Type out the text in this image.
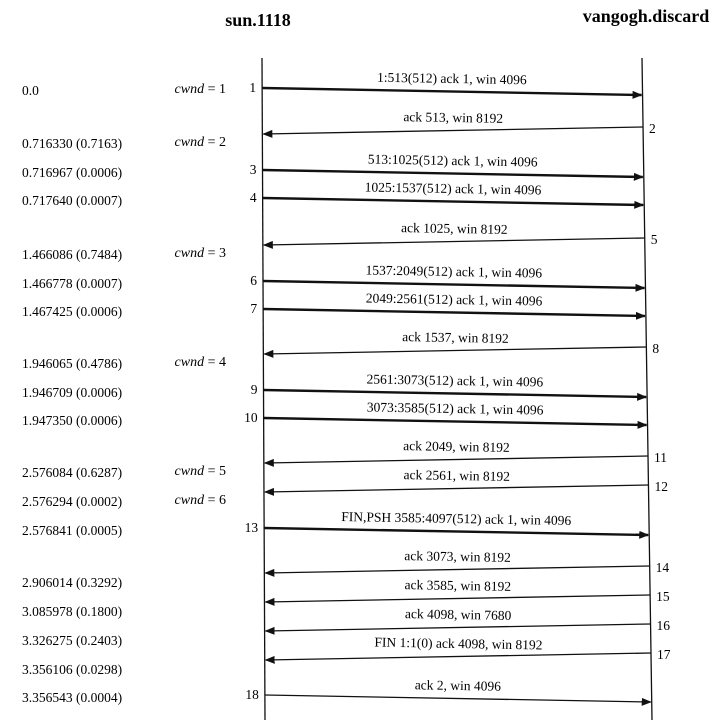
sun.1118	vangogh.discard
1:513(512) ack 1, win 4096
1
0.0	cwnd = 1
ack 513, win 8192
2
0.716330 (0.7163)	cwnd = 2
513:1025(512) ack 1, win 4096
3
0.716967 (0.0006)
1025:1537(512) ack 1, win 4096
4
0.717640 (0.0007)
ack 1025, win 8192
5
1.466086 (0.7484)	cwnd = 3
1537:2049(512) ack 1, win 4096
6
1.466778 (0.0007)
2049:2561(512) ack 1, win 4096
7
1.467425 (0.0006)
ack 1537, win 8192
8
1.946065 (0.4786)	cwnd = 4
2561:3073(512) ack 1, win 4096
9
1.946709 (0.0006)
3073:3585(512) ack 1, win 4096
10
1.947350 (0.0006)
ack 2049, win 8192
11
2.576084 (0.6287)	cwnd = 5	ack 2561, win 8192
12
2.576294 (0.0002)	cwnd = 6
FIN,PSH 3585:4097(512) ack 1, win 4096
13
2.576841 (0.0005)
ack 3073, win 8192
14
2.906014 (0.3292)	ack 3585, win 8192
15
3.085978 (0.1800)	ack 4098, win 7680
16
3.326275 (0.2403)	FIN 1:1(0) ack 4098, win 8192
17
3.356106 (0.0298)
ack 2, win 4096
18
3.356543 (0.0004)
